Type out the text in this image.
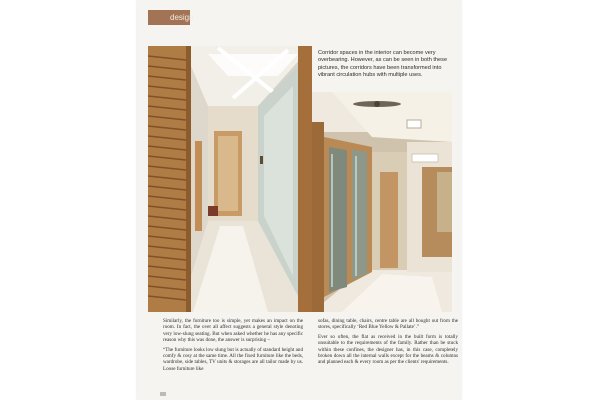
design
Corridor spaces in the interior can become very overbearing. However, as can be seen in both these pictures, the corridors have been transformed into vibrant circulation hubs with multiple uses.

Similarly, the furniture too is simple, yet makes an impact on the room. In fact, the over all affect suggests a general style denoting very low-slung seating. But when asked whether he has any specific reason why this was done, the answer is surprising –

“The furniture looks low slung but is actually of standard height and comfy & cosy at the same time. All the fixed furniture like the beds, wardrobe, side tables, TV units & storages are all tailor made by us. Loose furniture like

sofas, dining table, chairs, centre table are all bought out from the stores, specifically ‘Red Blue Yellow & Pallate’.”

Ever so often, the flat as received in the built form is totally unsuitable to the requirements of the family. Rather than be stuck within these confines, the designer has, in this case, completely broken down all the internal walls except for the beams & columns and planned each & every room as per the clients' requirements.
